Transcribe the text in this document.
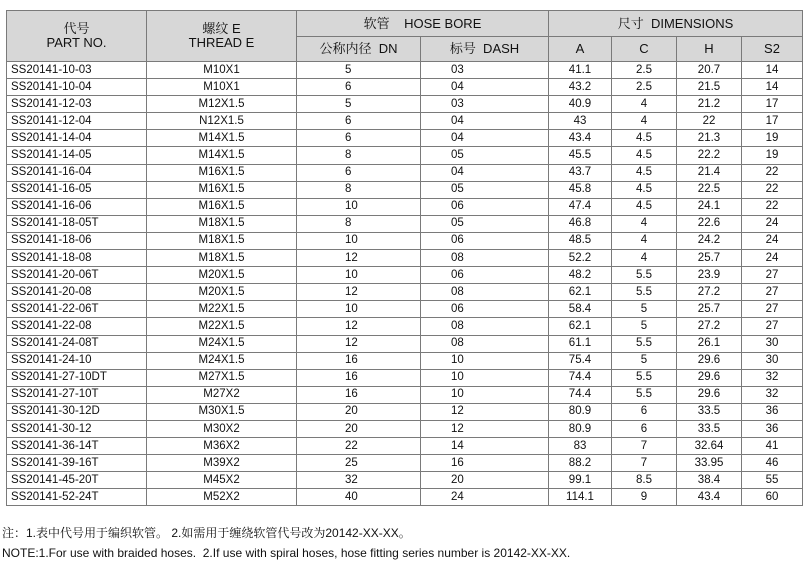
代号
PART NO.	螺纹 E
THREAD E	软管    HOSE BORE		尺寸  DIMENSIONS			
		公称内径  DN	标号  DASH	A	C	H	S2
SS20141-10-03	M10X1	5	03	41.1	2.5	20.7	14
SS20141-10-04	M10X1	6	04	43.2	2.5	21.5	14
SS20141-12-03	M12X1.5	5	03	40.9	4	21.2	17
SS20141-12-04	N12X1.5	6	04	43	4	22	17
SS20141-14-04	M14X1.5	6	04	43.4	4.5	21.3	19
SS20141-14-05	M14X1.5	8	05	45.5	4.5	22.2	19
SS20141-16-04	M16X1.5	6	04	43.7	4.5	21.4	22
SS20141-16-05	M16X1.5	8	05	45.8	4.5	22.5	22
SS20141-16-06	M16X1.5	10	06	47.4	4.5	24.1	22
SS20141-18-05T	M18X1.5	8	05	46.8	4	22.6	24
SS20141-18-06	M18X1.5	10	06	48.5	4	24.2	24
SS20141-18-08	M18X1.5	12	08	52.2	4	25.7	24
SS20141-20-06T	M20X1.5	10	06	48.2	5.5	23.9	27
SS20141-20-08	M20X1.5	12	08	62.1	5.5	27.2	27
SS20141-22-06T	M22X1.5	10	06	58.4	5	25.7	27
SS20141-22-08	M22X1.5	12	08	62.1	5	27.2	27
SS20141-24-08T	M24X1.5	12	08	61.1	5.5	26.1	30
SS20141-24-10	M24X1.5	16	10	75.4	5	29.6	30
SS20141-27-10DT	M27X1.5	16	10	74.4	5.5	29.6	32
SS20141-27-10T	M27X2	16	10	74.4	5.5	29.6	32
SS20141-30-12D	M30X1.5	20	12	80.9	6	33.5	36
SS20141-30-12	M30X2	20	12	80.9	6	33.5	36
SS20141-36-14T	M36X2	22	14	83	7	32.64	41
SS20141-39-16T	M39X2	25	16	88.2	7	33.95	46
SS20141-45-20T	M45X2	32	20	99.1	8.5	38.4	55
SS20141-52-24T	M52X2	40	24	114.1	9	43.4	60
注：1.表中代号用于编织软管。 2.如需用于缠绕软管代号改为20142-XX-XX。
NOTE:1.For use with braided hoses.  2.If use with spiral hoses, hose fitting series number is 20142-XX-XX.
